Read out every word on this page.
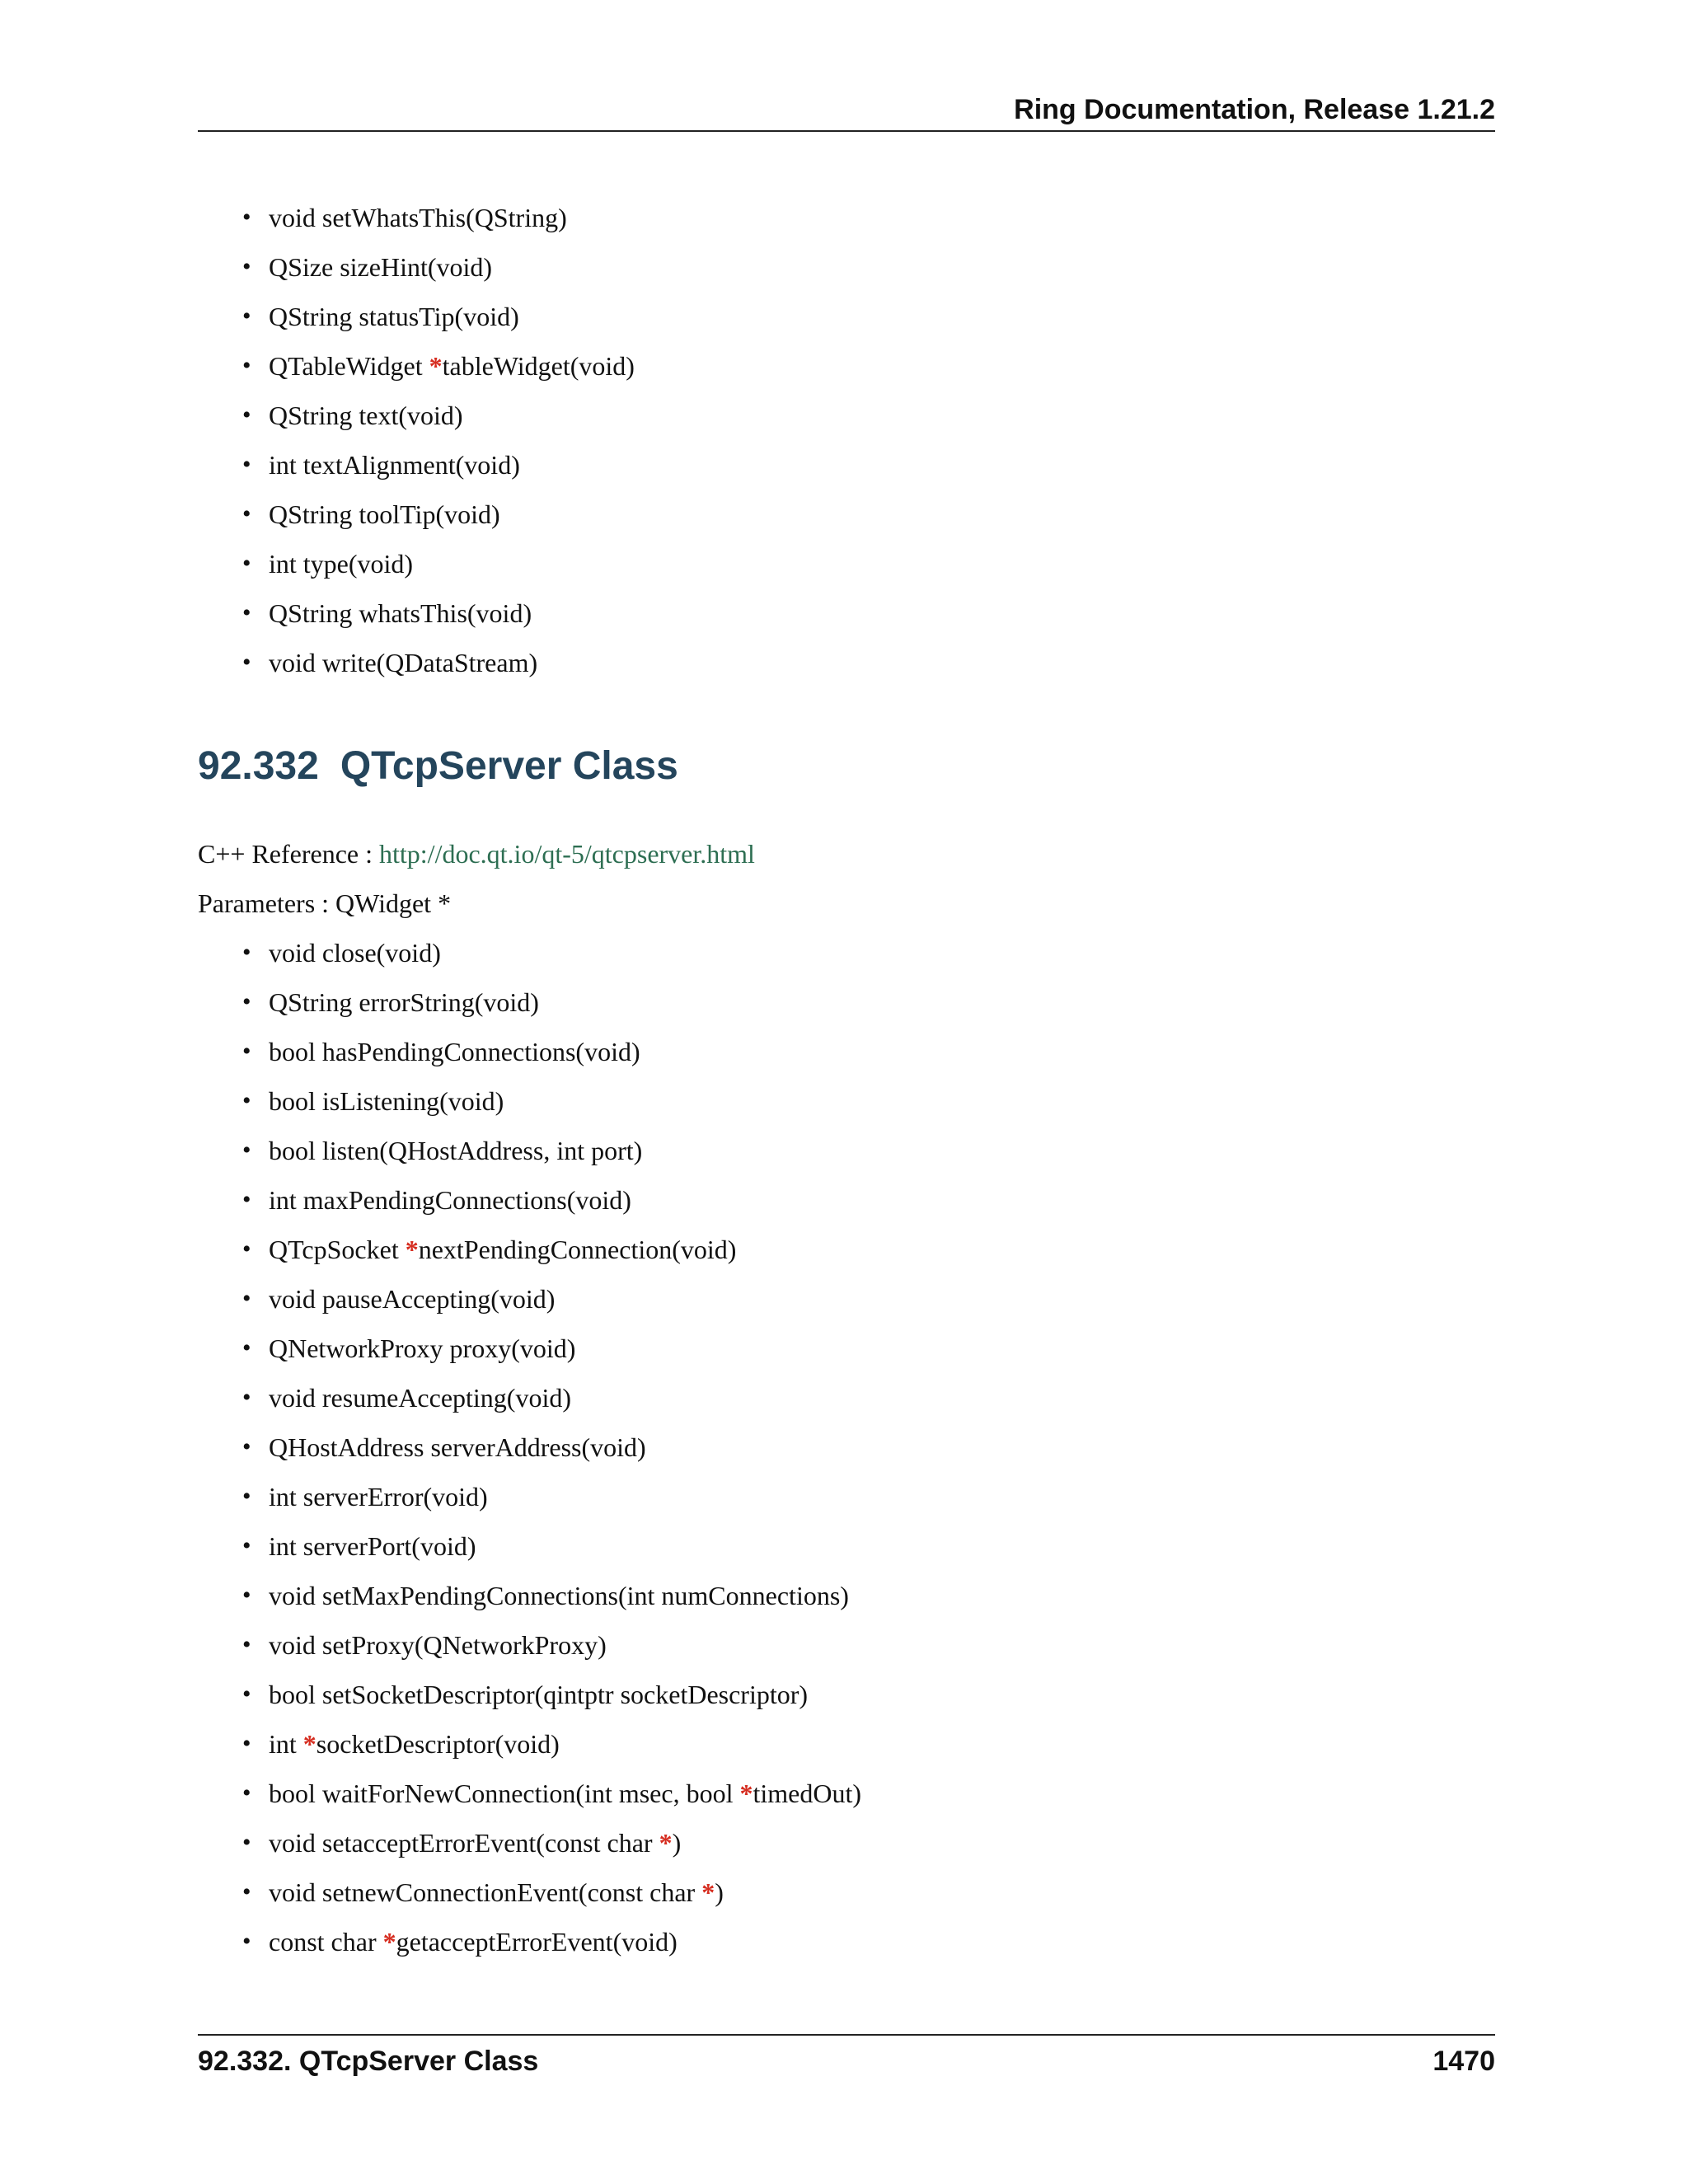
Ring Documentation, Release 1.21.2
• void setWhatsThis(QString)
• QSize sizeHint(void)
• QString statusTip(void)
• QTableWidget *tableWidget(void)
• QString text(void)
• int textAlignment(void)
• QString toolTip(void)
• int type(void)
• QString whatsThis(void)
• void write(QDataStream)
92.332 QTcpServer Class
C++ Reference : http://doc.qt.io/qt-5/qtcpserver.html
Parameters : QWidget *
• void close(void)
• QString errorString(void)
• bool hasPendingConnections(void)
• bool isListening(void)
• bool listen(QHostAddress, int port)
• int maxPendingConnections(void)
• QTcpSocket *nextPendingConnection(void)
• void pauseAccepting(void)
• QNetworkProxy proxy(void)
• void resumeAccepting(void)
• QHostAddress serverAddress(void)
• int serverError(void)
• int serverPort(void)
• void setMaxPendingConnections(int numConnections)
• void setProxy(QNetworkProxy)
• bool setSocketDescriptor(qintptr socketDescriptor)
• int *socketDescriptor(void)
• bool waitForNewConnection(int msec, bool *timedOut)
• void setacceptErrorEvent(const char *)
• void setnewConnectionEvent(const char *)
• const char *getacceptErrorEvent(void)
92.332. QTcpServer Class	1470
